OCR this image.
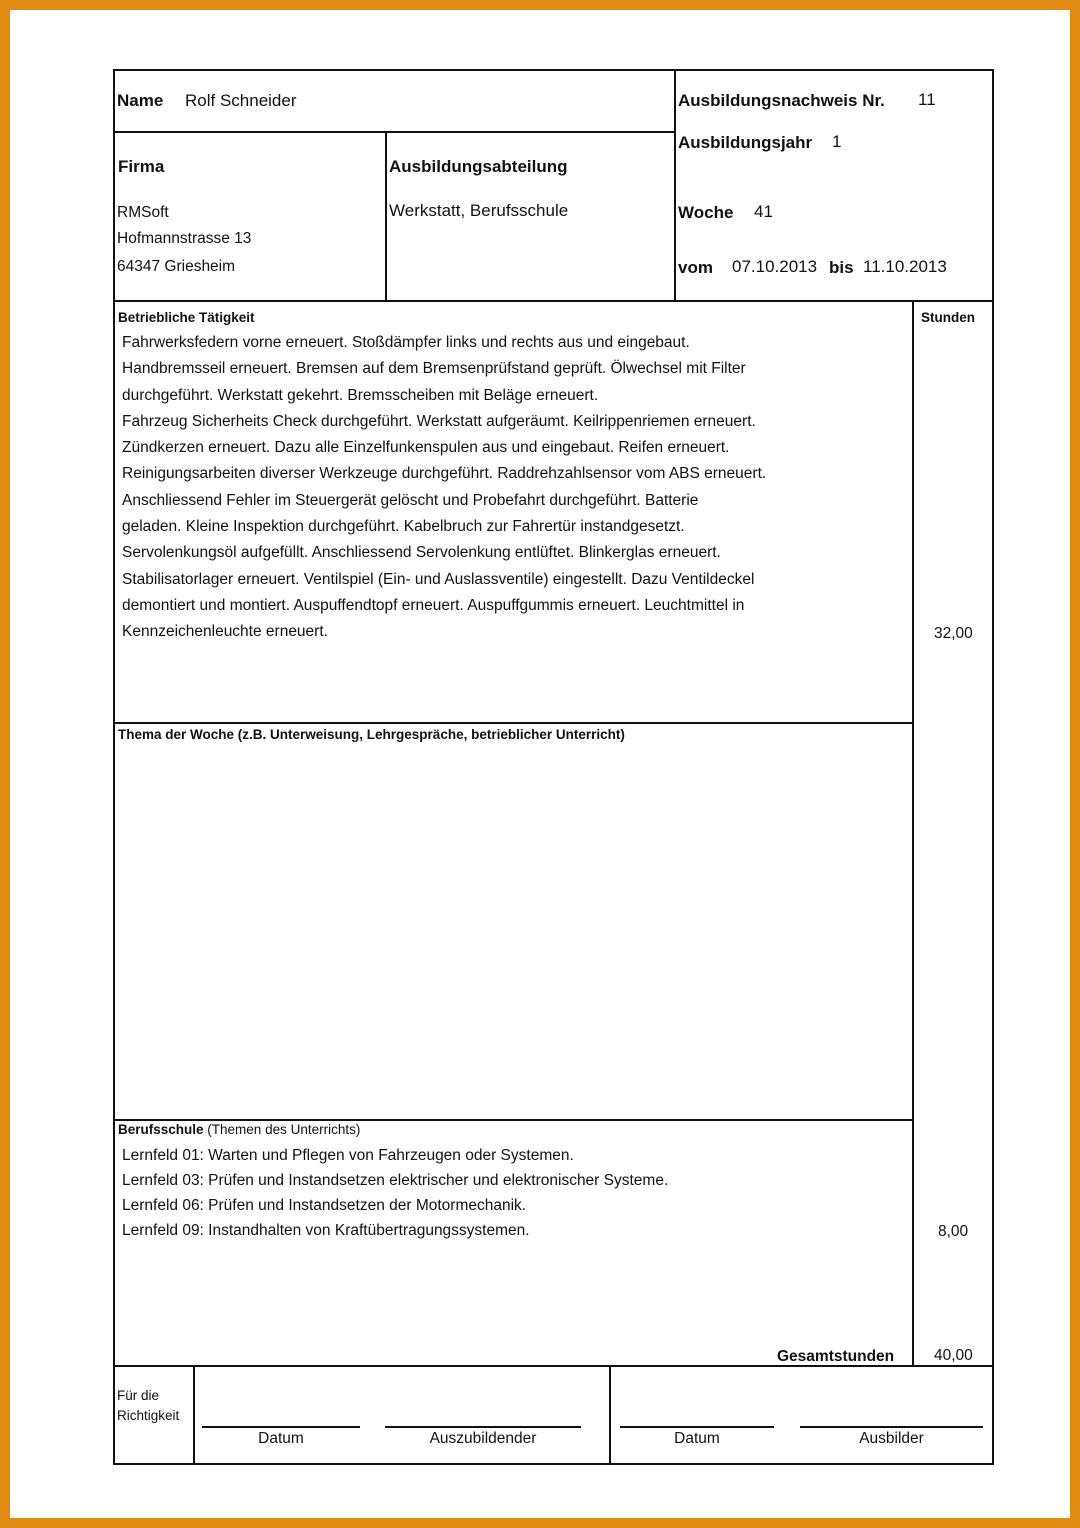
Name Rolf Schneider	Ausbildungsnachweis Nr. 11
Ausbildungsjahr 1
Woche 41
vom 07.10.2013 bis 11.10.2013
Firma
RMSoft
Hofmannstrasse 13
64347 Griesheim
Ausbildungsabteilung
Werkstatt, Berufsschule
Betriebliche Tätigkeit	Stunden
Fahrwerksfedern vorne erneuert. Stoßdämpfer links und rechts aus und eingebaut.
Handbremsseil erneuert. Bremsen auf dem Bremsenprüfstand geprüft. Ölwechsel mit Filter
durchgeführt. Werkstatt gekehrt. Bremsscheiben mit Beläge erneuert.
Fahrzeug Sicherheits Check durchgeführt. Werkstatt aufgeräumt. Keilrippenriemen erneuert.
Zündkerzen erneuert. Dazu alle Einzelfunkenspulen aus und eingebaut. Reifen erneuert.
Reinigungsarbeiten diverser Werkzeuge durchgeführt. Raddrehzahlsensor vom ABS erneuert.
Anschliessend Fehler im Steuergerät gelöscht und Probefahrt durchgeführt. Batterie
geladen. Kleine Inspektion durchgeführt. Kabelbruch zur Fahrertür instandgesetzt.
Servolenkungsöl aufgefüllt. Anschliessend Servolenkung entlüftet. Blinkerglas erneuert.
Stabilisatorlager erneuert. Ventilspiel (Ein- und Auslassventile) eingestellt. Dazu Ventildeckel
demontiert und montiert. Auspuffendtopf erneuert. Auspuffgummis erneuert. Leuchtmittel in
Kennzeichenleuchte erneuert.	32,00
Thema der Woche (z.B. Unterweisung, Lehrgespräche, betrieblicher Unterricht)
Berufsschule (Themen des Unterrichts)
Lernfeld 01: Warten und Pflegen von Fahrzeugen oder Systemen.
Lernfeld 03: Prüfen und Instandsetzen elektrischer und elektronischer Systeme.
Lernfeld 06: Prüfen und Instandsetzen der Motormechanik.
Lernfeld 09: Instandhalten von Kraftübertragungssystemen.	8,00
Gesamtstunden	40,00
Für die
Richtigkeit
Datum	Auszubildender	Datum	Ausbilder
